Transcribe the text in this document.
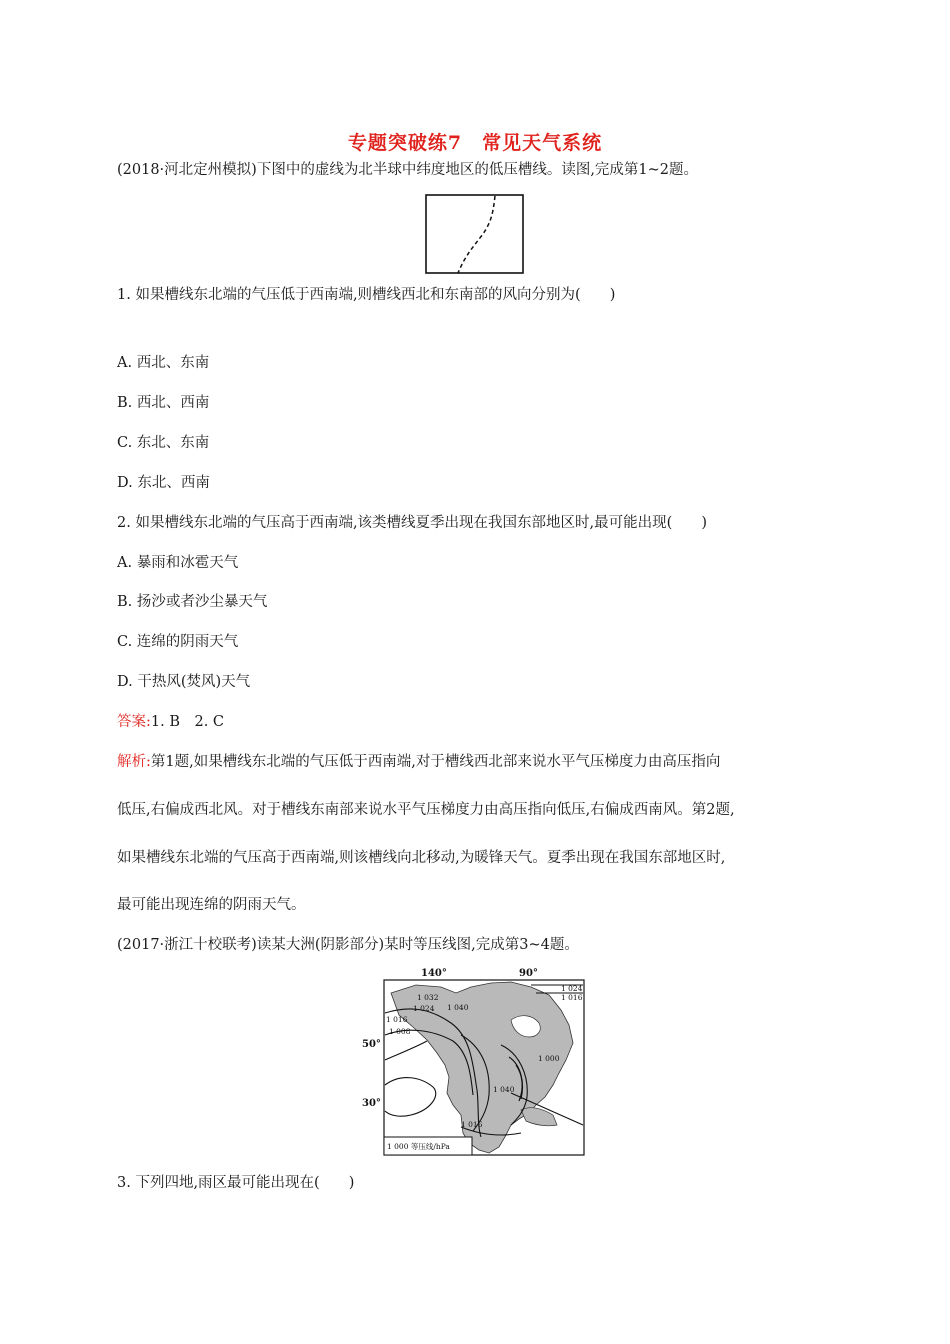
专题突破练7　常见天气系统
(2018·河北定州模拟)下图中的虚线为北半球中纬度地区的低压槽线。读图,完成第1~2题。
1. 如果槽线东北端的气压低于西南端,则槽线西北和东南部的风向分别为(　　)
A. 西北、东南
B. 西北、西南
C. 东北、东南
D. 东北、西南
2. 如果槽线东北端的气压高于西南端,该类槽线夏季出现在我国东部地区时,最可能出现(　　)
A. 暴雨和冰雹天气
B. 扬沙或者沙尘暴天气
C. 连绵的阴雨天气
D. 干热风(焚风)天气
答案:1. B　2. C
解析:第1题,如果槽线东北端的气压低于西南端,对于槽线西北部来说水平气压梯度力由高压指向
低压,右偏成西北风。对于槽线东南部来说水平气压梯度力由高压指向低压,右偏成西南风。第2题,
如果槽线东北端的气压高于西南端,则该槽线向北移动,为暖锋天气。夏季出现在我国东部地区时,
最可能出现连绵的阴雨天气。
(2017·浙江十校联考)读某大洲(阴影部分)某时等压线图,完成第3~4题。
140°	90°
50°
30°
1 032
1 024 1 040
1 016
1 008
1 024
1 016
1 040
1 000
1 016
1 000 等压线/hPa
3. 下列四地,雨区最可能出现在(　　)
